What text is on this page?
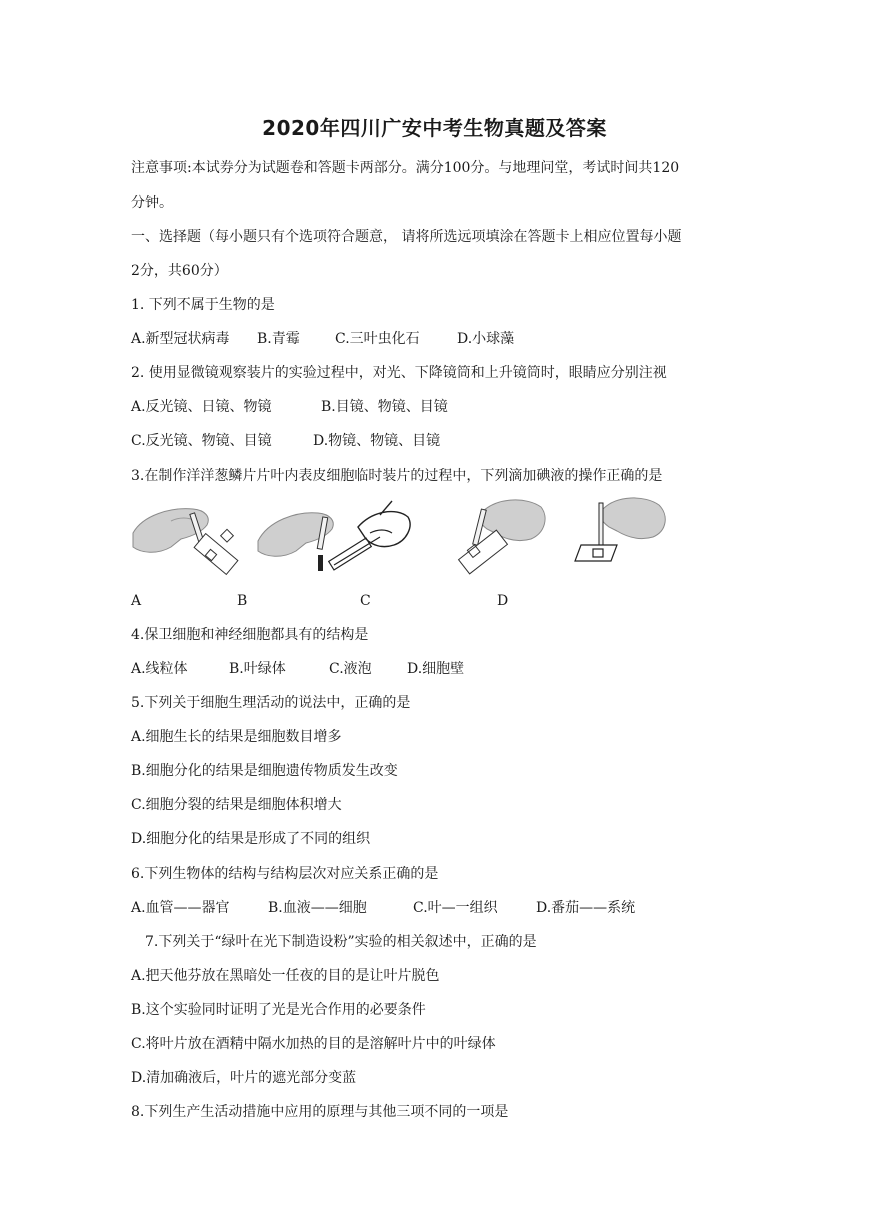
2020年四川广安中考生物真题及答案
注意事项:本试券分为试题卷和答题卡两部分。满分100分。与地理问堂，考试时间共120
分钟。
一、选择题（每小题只有个选项符合题意， 请将所选远项填涂在答题卡上相应位置每小题
2分，共60分）
1. 下列不属于生物的是
A.新型冠状病毒 B.青霉	C.三叶虫化石	D.小球藻
2. 使用显微镜观察装片的实验过程中，对光、下降镜筒和上升镜筒时，眼睛应分别注视
A.反光镜、日镜、物镜	B.目镜、物镜、目镜
C.反光镜、物镜、目镜	D.物镜、物镜、目镜
3.在制作洋洋葱鳞片片叶内表皮细胞临时装片的过程中，下列滴加碘液的操作正确的是
A	B	C	D
4.保卫细胞和神经细胞都具有的结构是
A.线粒体	B.叶绿体	C.液泡	D.细胞壁
5.下列关于细胞生理活动的说法中，正确的是
A.细胞生长的结果是细胞数目增多
B.细胞分化的结果是细胞遗传物质发生改变
C.细胞分裂的结果是细胞体积增大
D.细胞分化的结果是形成了不同的组织
6.下列生物体的结构与结构层次对应关系正确的是
A.血管——器官	B.血液——细胞	C.叶—一组织	D.番茄——系统
7.下列关于“绿叶在光下制造设粉”实验的相关叙述中，正确的是
A.把天他芬放在黑暗处一任夜的目的是让叶片脱色
B.这个实验同时证明了光是光合作用的必要条件
C.将叶片放在酒精中隔水加热的目的是溶解叶片中的叶绿体
D.清加确液后，叶片的遮光部分变蓝
8.下列生产生活动措施中应用的原理与其他三项不同的一项是
